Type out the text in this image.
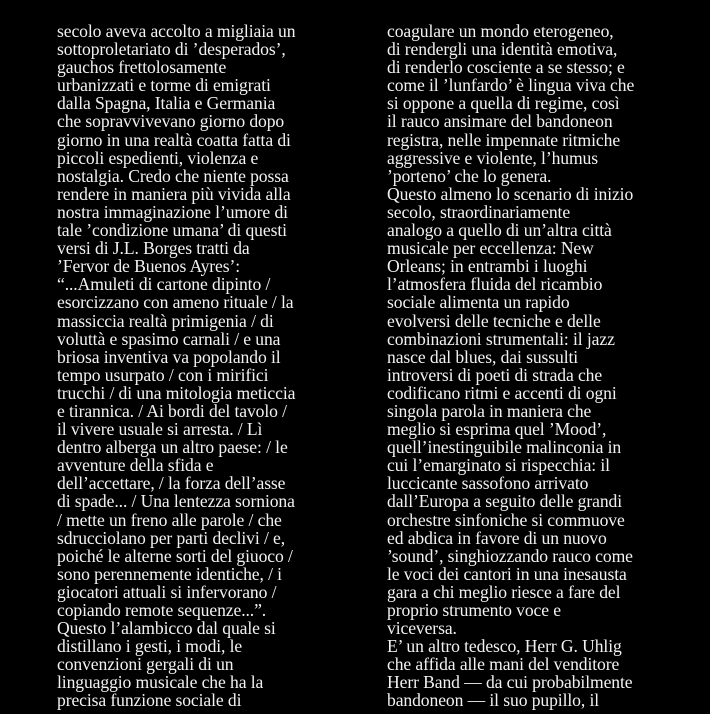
secolo aveva accolto a migliaia un
sottoproletariato di ’desperados’,
gauchos frettolosamente
urbanizzati e torme di emigrati
dalla Spagna, Italia e Germania
che sopravvivevano giorno dopo
giorno in una realtà coatta fatta di
piccoli espedienti, violenza e
nostalgia. Credo che niente possa
rendere in maniera più vivida alla
nostra immaginazione l’umore di
tale ’condizione umana’ di questi
versi di J.L. Borges tratti da
’Fervor de Buenos Ayres’:
“...Amuleti di cartone dipinto /
esorcizzano con ameno rituale / la
massiccia realtà primigenia / di
voluttà e spasimo carnali / e una
briosa inventiva va popolando il
tempo usurpato / con i mirifici
trucchi / di una mitologia meticcia
e tirannica. / Ai bordi del tavolo /
il vivere usuale si arresta. / Lì
dentro alberga un altro paese: / le
avventure della sfida e
dell’accettare, / la forza dell’asse
di spade... / Una lentezza sorniona
/ mette un freno alle parole / che
sdrucciolano per parti declivi / e,
poiché le alterne sorti del giuoco /
sono perennemente identiche, / i
giocatori attuali si infervorano /
copiando remote sequenze...”.
Questo l’alambicco dal quale si
distillano i gesti, i modi, le
convenzioni gergali di un
linguaggio musicale che ha la
precisa funzione sociale di
coagulare un mondo eterogeneo,
di rendergli una identità emotiva,
di renderlo cosciente a se stesso; e
come il ’lunfardo’ è lingua viva che
si oppone a quella di regime, così
il rauco ansimare del bandoneon
registra, nelle impennate ritmiche
aggressive e violente, l’humus
’porteno’ che lo genera.
Questo almeno lo scenario di inizio
secolo, straordinariamente
analogo a quello di un’altra città
musicale per eccellenza: New
Orleans; in entrambi i luoghi
l’atmosfera fluida del ricambio
sociale alimenta un rapido
evolversi delle tecniche e delle
combinazioni strumentali: il jazz
nasce dal blues, dai sussulti
introversi di poeti di strada che
codificano ritmi e accenti di ogni
singola parola in maniera che
meglio si esprima quel ’Mood’,
quell’inestinguibile malinconia in
cui l’emarginato si rispecchia: il
luccicante sassofono arrivato
dall’Europa a seguito delle grandi
orchestre sinfoniche si commuove
ed abdica in favore di un nuovo
’sound’, singhiozzando rauco come
le voci dei cantori in una inesausta
gara a chi meglio riesce a fare del
proprio strumento voce e
viceversa.
E’ un altro tedesco, Herr G. Uhlig
che affida alle mani del venditore
Herr Band — da cui probabilmente
bandoneon — il suo pupillo, il
